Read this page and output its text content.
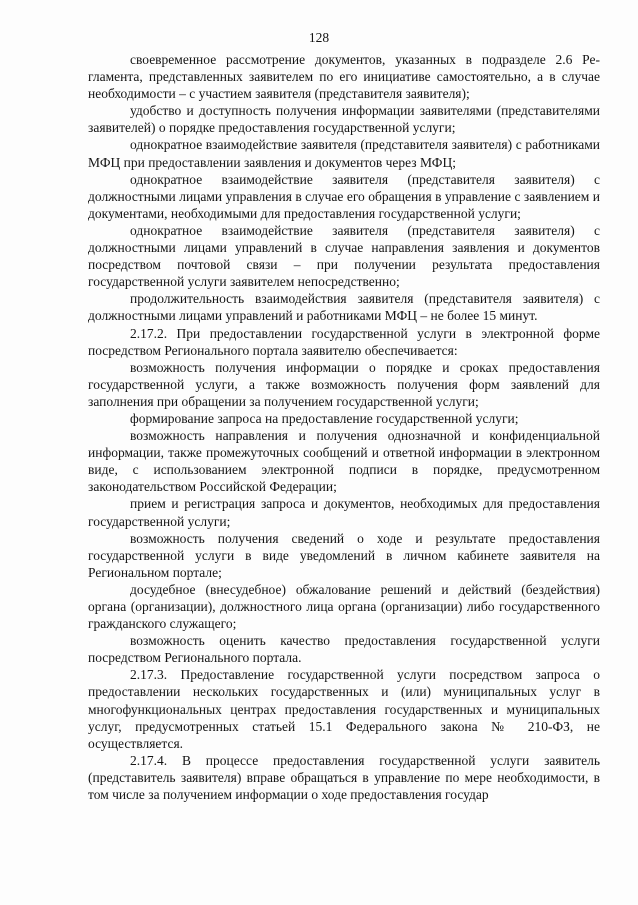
128

своевременное рассмотрение документов, указанных в подразделе 2.6 Регламента, представленных заявителем по его инициативе самостоятельно, а в случае необходимости – с участием заявителя (представителя заявителя);

удобство и доступность получения информации заявителями (представителями заявителей) о порядке предоставления государственной услуги;

однократное взаимодействие заявителя (представителя заявителя) с работниками МФЦ при предоставлении заявления и документов через МФЦ;

однократное взаимодействие заявителя (представителя заявителя) с должностными лицами управления в случае его обращения в управление с заявлением и документами, необходимыми для предоставления государственной услуги;

однократное взаимодействие заявителя (представителя заявителя) с должностными лицами управлений в случае направления заявления и документов посредством почтовой связи – при получении результата предоставления государственной услуги заявителем непосредственно;

продолжительность взаимодействия заявителя (представителя заявителя) с должностными лицами управлений и работниками МФЦ – не более 15 минут.

2.17.2. При предоставлении государственной услуги в электронной форме посредством Регионального портала заявителю обеспечивается:

возможность получения информации о порядке и сроках предоставления государственной услуги, а также возможность получения форм заявлений для заполнения при обращении за получением государственной услуги;

формирование запроса на предоставление государственной услуги;

возможность направления и получения однозначной и конфиденциальной информации, также промежуточных сообщений и ответной информации в электронном виде, с использованием электронной подписи в порядке, предусмотренном законодательством Российской Федерации;

прием и регистрация запроса и документов, необходимых для предоставления государственной услуги;

возможность получения сведений о ходе и результате предоставления государственной услуги в виде уведомлений в личном кабинете заявителя на Региональном портале;

досудебное (внесудебное) обжалование решений и действий (бездействия) органа (организации), должностного лица органа (организации) либо государственного гражданского служащего;

возможность оценить качество предоставления государственной услуги посредством Регионального портала.

2.17.3. Предоставление государственной услуги посредством запроса о предоставлении нескольких государственных и (или) муниципальных услуг в многофункциональных центрах предоставления государственных и муниципальных услуг, предусмотренных статьей 15.1 Федерального закона № 210-ФЗ, не осуществляется.

2.17.4. В процессе предоставления государственной услуги заявитель (представитель заявителя) вправе обращаться в управление по мере необходимости, в том числе за получением информации о ходе предоставления государ
